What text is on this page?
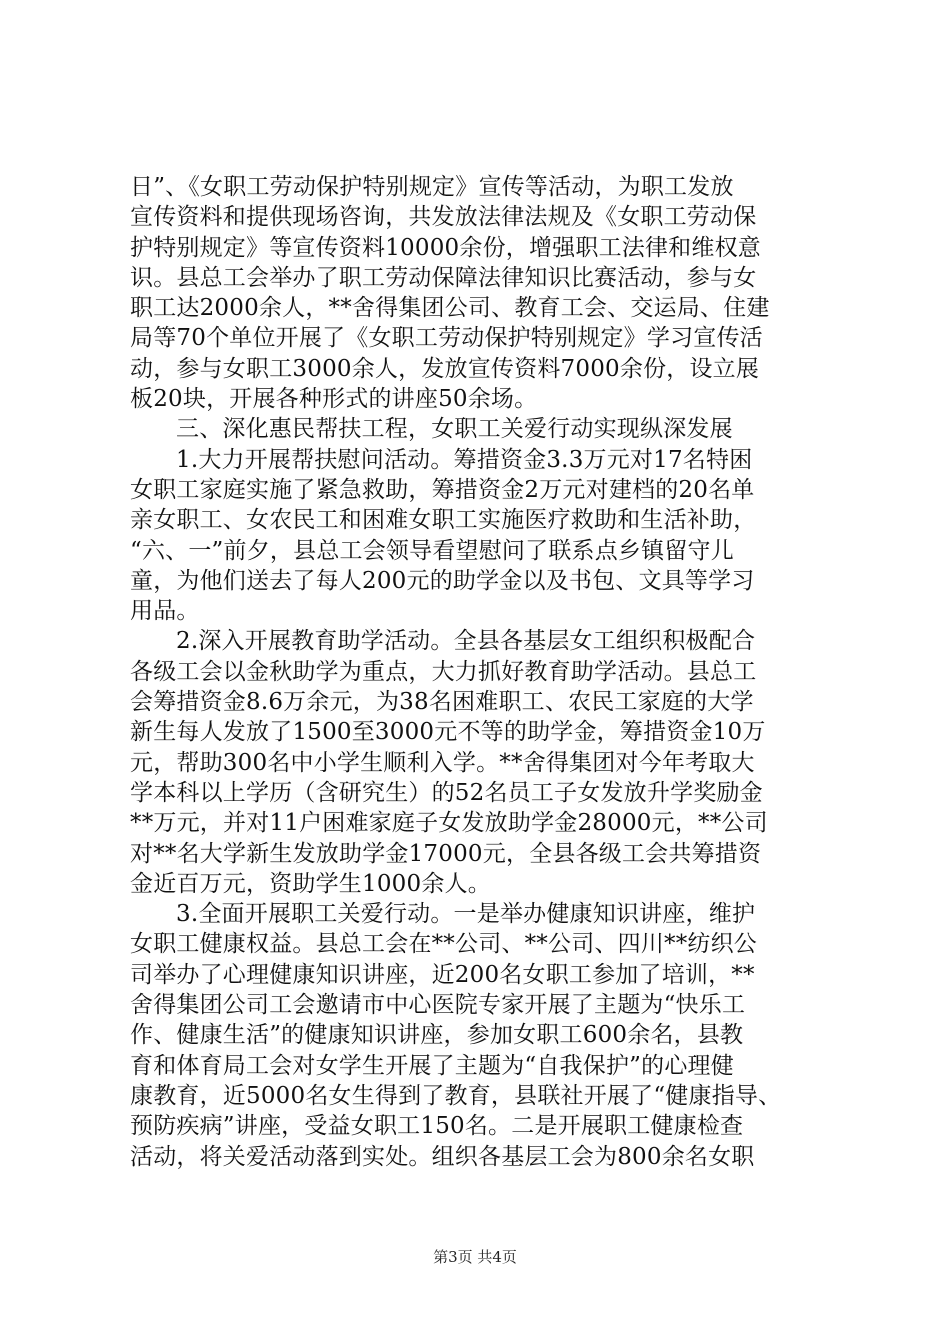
日”、《女职工劳动保护特别规定》宣传等活动，为职工发放
宣传资料和提供现场咨询，共发放法律法规及《女职工劳动保
护特别规定》等宣传资料10000余份，增强职工法律和维权意
识。县总工会举办了职工劳动保障法律知识比赛活动，参与女
职工达2000余人，**舍得集团公司、教育工会、交运局、住建
局等70个单位开展了《女职工劳动保护特别规定》学习宣传活
动，参与女职工3000余人，发放宣传资料7000余份，设立展
板20块，开展各种形式的讲座50余场。
三、深化惠民帮扶工程，女职工关爱行动实现纵深发展
1.大力开展帮扶慰问活动。筹措资金3.3万元对17名特困
女职工家庭实施了紧急救助，筹措资金2万元对建档的20名单
亲女职工、女农民工和困难女职工实施医疗救助和生活补助，
“六、一”前夕，县总工会领导看望慰问了联系点乡镇留守儿
童，为他们送去了每人200元的助学金以及书包、文具等学习
用品。
2.深入开展教育助学活动。全县各基层女工组织积极配合
各级工会以金秋助学为重点，大力抓好教育助学活动。县总工
会筹措资金8.6万余元，为38名困难职工、农民工家庭的大学
新生每人发放了1500至3000元不等的助学金，筹措资金10万
元，帮助300名中小学生顺利入学。**舍得集团对今年考取大
学本科以上学历（含研究生）的52名员工子女发放升学奖励金
**万元，并对11户困难家庭子女发放助学金28000元，**公司
对**名大学新生发放助学金17000元，全县各级工会共筹措资
金近百万元，资助学生1000余人。
3.全面开展职工关爱行动。一是举办健康知识讲座，维护
女职工健康权益。县总工会在**公司、**公司、四川**纺织公
司举办了心理健康知识讲座，近200名女职工参加了培训，**
舍得集团公司工会邀请市中心医院专家开展了主题为“快乐工
作、健康生活”的健康知识讲座，参加女职工600余名，县教
育和体育局工会对女学生开展了主题为“自我保护”的心理健
康教育，近5000名女生得到了教育，县联社开展了“健康指导、
预防疾病”讲座，受益女职工150名。二是开展职工健康检查
活动，将关爱活动落到实处。组织各基层工会为800余名女职
第3页 共4页
